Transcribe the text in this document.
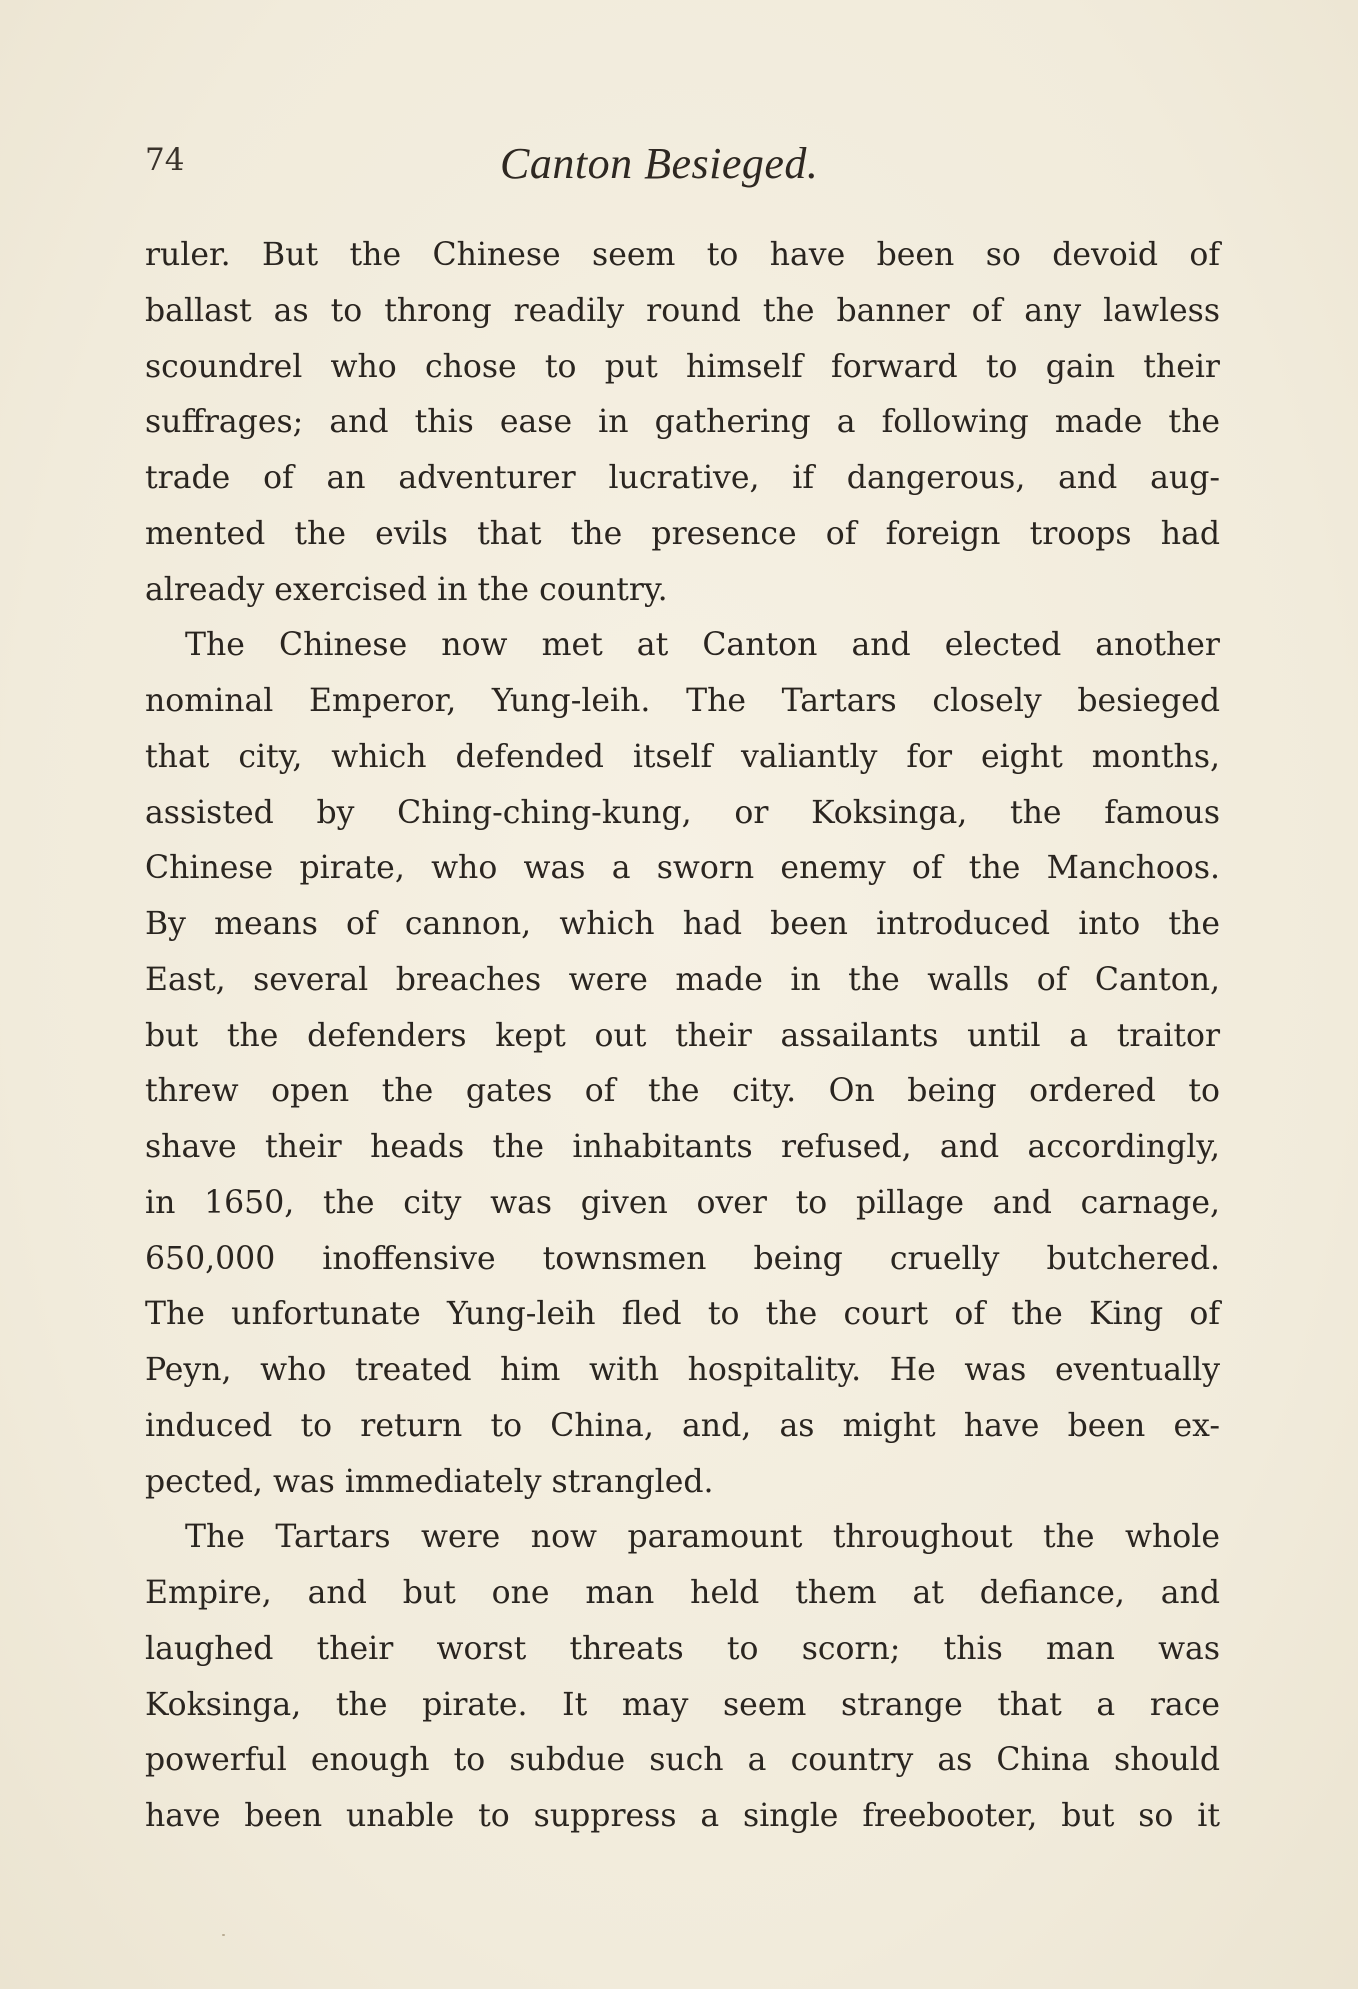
74	Canton Besieged.
ruler. But the Chinese seem to have been so devoid of
ballast as to throng readily round the banner of any lawless
scoundrel who chose to put himself forward to gain their
suffrages; and this ease in gathering a following made the
trade of an adventurer lucrative, if dangerous, and aug-
mented the evils that the presence of foreign troops had
already exercised in the country.
The Chinese now met at Canton and elected another
nominal Emperor, Yung-leih. The Tartars closely besieged
that city, which defended itself valiantly for eight months,
assisted by Ching-ching-kung, or Koksinga, the famous
Chinese pirate, who was a sworn enemy of the Manchoos.
By means of cannon, which had been introduced into the
East, several breaches were made in the walls of Canton,
but the defenders kept out their assailants until a traitor
threw open the gates of the city. On being ordered to
shave their heads the inhabitants refused, and accordingly,
in 1650, the city was given over to pillage and carnage,
650,000 inoffensive townsmen being cruelly butchered.
The unfortunate Yung-leih fled to the court of the King of
Peyn, who treated him with hospitality. He was eventually
induced to return to China, and, as might have been ex-
pected, was immediately strangled.
The Tartars were now paramount throughout the whole
Empire, and but one man held them at defiance, and
laughed their worst threats to scorn; this man was
Koksinga, the pirate. It may seem strange that a race
powerful enough to subdue such a country as China should
have been unable to suppress a single freebooter, but so it
